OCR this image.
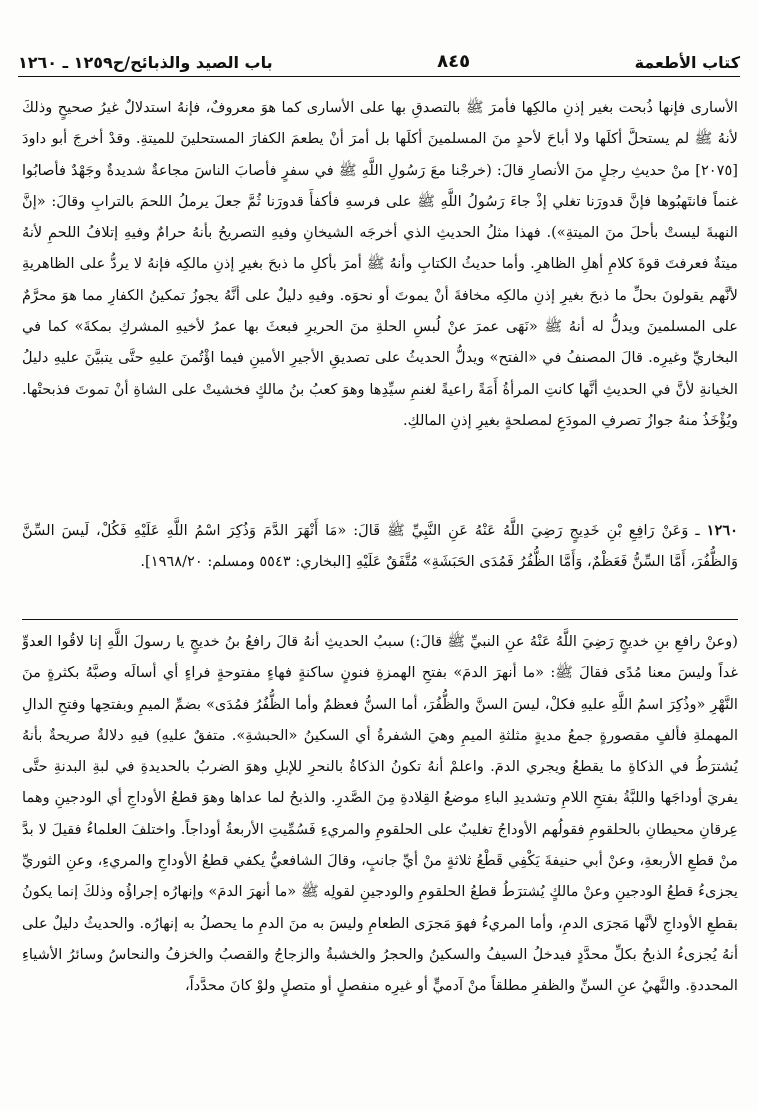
كتاب الأطعمة
٨٤٥
باب الصيد والذبائح/ح١٢٥٩ ـ ١٢٦٠

الأسارى فإنها ذُبحت بغير إذنِ مالكِها فأمرَ ﷺ بالتصدقِ بها على الأسارى كما هوَ معروفٌ، فإنهُ استدلالٌ غيرُ صحيحٍ وذلكَ لأنهُ ﷺ لم يستحلَّ أكلَها ولا أباحَ لأحدٍ منَ المسلمينَ أكلَها بل أمرَ أنْ يطعمَ الكفارَ المستحلينَ للميتةِ. وقدْ أخرجَ أبو داودَ [٢٠٧٥] منْ حديثِ رجلٍ منَ الأنصارِ قالَ: (خرجْنا معَ رَسُولِ اللَّهِ ﷺ في سفرٍ فأصابَ الناسَ مجاعةٌ شديدةٌ وجَهْدٌ فأصابُوا غنماً فانتَهبُوها فإنَّ قدورَنا تغلي إذْ جاءَ رَسُولُ اللَّهِ ﷺ على فرسهِ فأكفأَ قدورَنا ثُمَّ جعلَ يرملُ اللحمَ بالترابِ وقالَ: «إنَّ النهبةَ ليستْ بأحلَ منَ الميتةِ»). فهذا مثلُ الحديثِ الذي أخرجَه الشيخانِ وفيهِ التصريحُ بأنهُ حرامٌ وفيهِ إتلافُ اللحمِ لأنهُ ميتةٌ فعرفتَ قوةَ كلامِ أهلِ الظاهرِ. وأما حديثُ الكتابِ وأنهُ ﷺ أمرَ بأكلِ ما ذبحَ بغيرِ إذنِ مالكِه فإنهُ لا يردُّ على الظاهريةِ لأنَّهم يقولونَ بحلِّ ما ذبحَ بغيرِ إذنِ مالكِه مخافةَ أنْ يموتَ أو نحوَه. وفيهِ دليلٌ على أنَّهُ يجوزُ تمكينُ الكفارِ مما هوَ محرَّمٌ على المسلمينَ ويدلُّ له أنهُ ﷺ «نَهَى عمرَ عنْ لُبسِ الحلةِ منَ الحريرِ فبعثَ بها عمرُ لأخيهِ المشركِ بمكةَ» كما في البخاريِّ وغيرِه. قالَ المصنفُ في «الفتح» ويدلُّ الحديثُ على تصديقِ الأجيرِ الأمينِ فيما اؤْتُمنَ عليهِ حتَّى يتبيَّنَ عليهِ دليلُ الخيانةِ لأنَّ في الحديثِ أنَّها كانتِ المرأةُ أَمَةً راعيةً لغنمِ سيِّدِها وهوَ كعبُ بنُ مالكٍ فخشيتْ على الشاةِ أنْ تموتَ فذبحتْها. ويُؤْخَذُ منهُ جوازُ تصرفِ المودَعِ لمصلحةٍ بغيرِ إذنِ المالكِ.

١٢٦٠ ـ وَعَنْ رَافِعِ بْنِ خَدِيجٍ رَضِيَ اللَّهُ عَنْهُ عَنِ النَّبِيِّ ﷺ قَالَ: «مَا أَنْهَرَ الدَّمَ وَذُكِرَ اسْمُ اللَّهِ عَلَيْهِ فَكُلْ، لَيسَ السِّنَّ وَالظُّفُرَ، أَمَّا السِّنُّ فَعَظْمٌ، وَأَمَّا الظُّفُرُ فَمُدَى الحَبَشَةِ» مُتَّفَقٌ عَلَيْهِ [البخاري: ٥٥٤٣ ومسلم: ١٩٦٨/٢٠].

(وعنْ رافعِ بنِ خديجٍ رَضِيَ اللَّهُ عَنْهُ عنِ النبيِّ ﷺ قالَ:) سببُ الحديثِ أنهُ قالَ رافعُ بنُ خديجٍ يا رسولَ اللَّهِ إنا لاقُوا العدوِّ غداً وليسَ معنا مُدًى فقالَ ﷺ: «ما أنهرَ الدمَ» بفتحِ الهمزةِ فنونٍ ساكنةٍ فهاءٍ مفتوحةٍ فراءٍ أي أسالَه وصبَّهُ بكثرةٍ منَ النَّهْرِ «وذُكِرَ اسمُ اللَّهِ عليهِ فكلْ، ليسَ السنَّ والظُّفُرَ، أما السنُّ فعظمٌ وأما الظُّفُرُ فمُدَى» بضمِّ الميمِ وبفتحِها وفتحِ الدالِ المهملةِ فألفٍ مقصورةٍ جمعُ مديةٍ مثلثةِ الميمِ وهيَ الشفرةُ أي السكينُ «الحبشةِ». متفقٌ عليهِ) فيهِ دلالةٌ صريحةٌ بأنهُ يُشترَطُ في الذكاةِ ما يقطعُ ويجري الدمَ. واعلمْ أنهُ تكونُ الذكاةُ بالنحرِ للإبلِ وهوَ الضربُ بالحديدةِ في لبةِ البدنةِ حتَّى يفريَ أوداجَها واللبَّةُ بفتحِ اللامِ وتشديدِ الباءِ موضعُ القِلادةِ مِنَ الصَّدرِ. والذبحُ لما عداها وهوَ قطعُ الأوداجِ أي الودجينِ وهما عِرقانِ محيطانِ بالحلقومِ فقولُهم الأوداجُ تغليبٌ على الحلقومِ والمريءِ فَسُمِّيتِ الأربعةُ أوداجاً. واختلفَ العلماءُ فقيلَ لا بدَّ منْ قطعِ الأربعةِ، وعنْ أبي حنيفةَ يَكْفِي قَطْعُ ثلاثةٍ منْ أيِّ جانبٍ، وقالَ الشافعيُّ يكفي قطعُ الأوداجِ والمريءِ، وعنِ الثوريِّ يجزىءُ قطعُ الودجينِ وعنْ مالكٍ يُشترَطُ قطعُ الحلقومِ والودجينِ لقولِه ﷺ «ما أنهرَ الدمَ» وإنهارُه إجراؤُه وذلكَ إنما يكونُ بقطعِ الأوداجِ لأنَّها مَجرَى الدمِ، وأما المريءُ فهوَ مَجرَى الطعامِ وليسَ به منَ الدمِ ما يحصلُ به إنهارُه. والحديثُ دليلٌ على أنهُ يُجزىءُ الذبحُ بكلِّ محدَّدٍ فيدخلُ السيفُ والسكينُ والحجرُ والخشبةُ والزجاجُ والقصبُ والخزفُ والنحاسُ وسائرُ الأشياءِ المحددةِ. والنَّهيُ عنِ السنِّ والظفرِ مطلقاً منْ آدميٍّ أو غيرِه منفصلٍ أو متصلٍ ولوْ كانَ محدَّداً،
